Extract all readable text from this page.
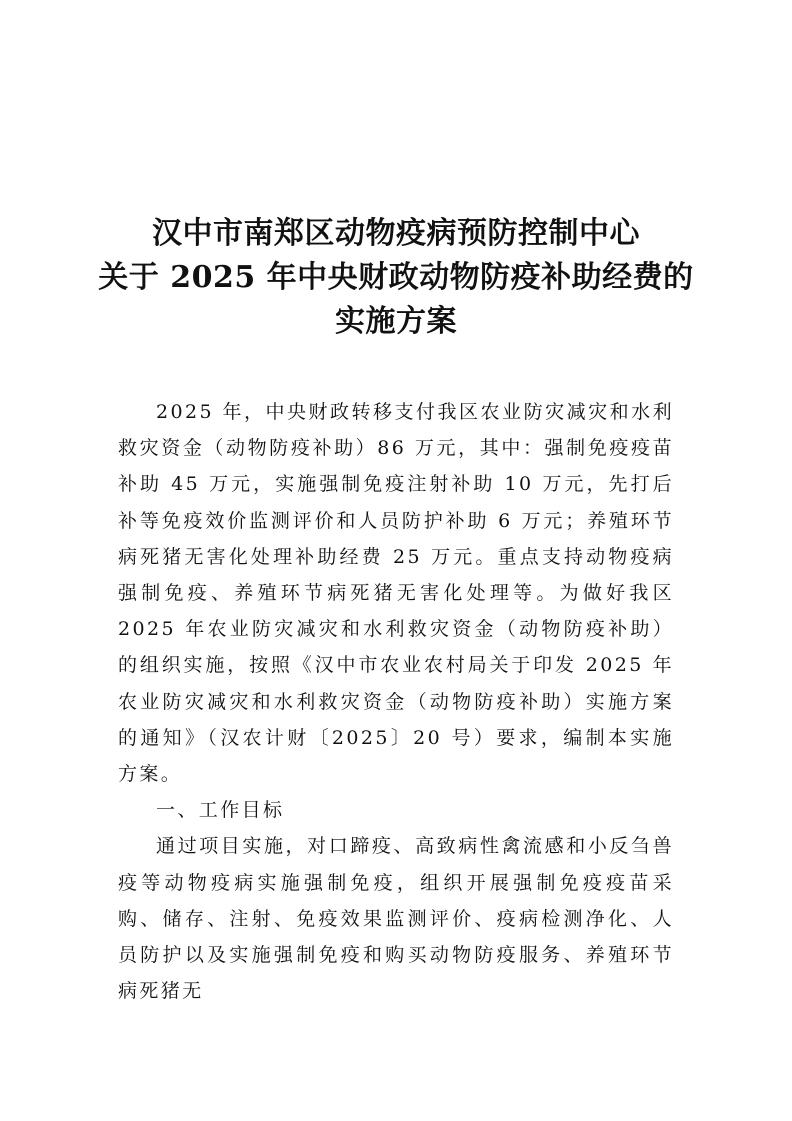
汉中市南郑区动物疫病预防控制中心
关于 2025 年中央财政动物防疫补助经费的
实施方案

2025 年，中央财政转移支付我区农业防灾减灾和水利救灾资金（动物防疫补助）86 万元，其中：强制免疫疫苗补助 45 万元，实施强制免疫注射补助 10 万元，先打后补等免疫效价监测评价和人员防护补助 6 万元；养殖环节病死猪无害化处理补助经费 25 万元。重点支持动物疫病强制免疫、养殖环节病死猪无害化处理等。为做好我区 2025 年农业防灾减灾和水利救灾资金（动物防疫补助）的组织实施，按照《汉中市农业农村局关于印发 2025 年农业防灾减灾和水利救灾资金（动物防疫补助）实施方案的通知》（汉农计财〔2025〕20 号）要求，编制本实施方案。

一、工作目标

通过项目实施，对口蹄疫、高致病性禽流感和小反刍兽疫等动物疫病实施强制免疫，组织开展强制免疫疫苗采购、储存、注射、免疫效果监测评价、疫病检测净化、人员防护以及实施强制免疫和购买动物防疫服务、养殖环节病死猪无
